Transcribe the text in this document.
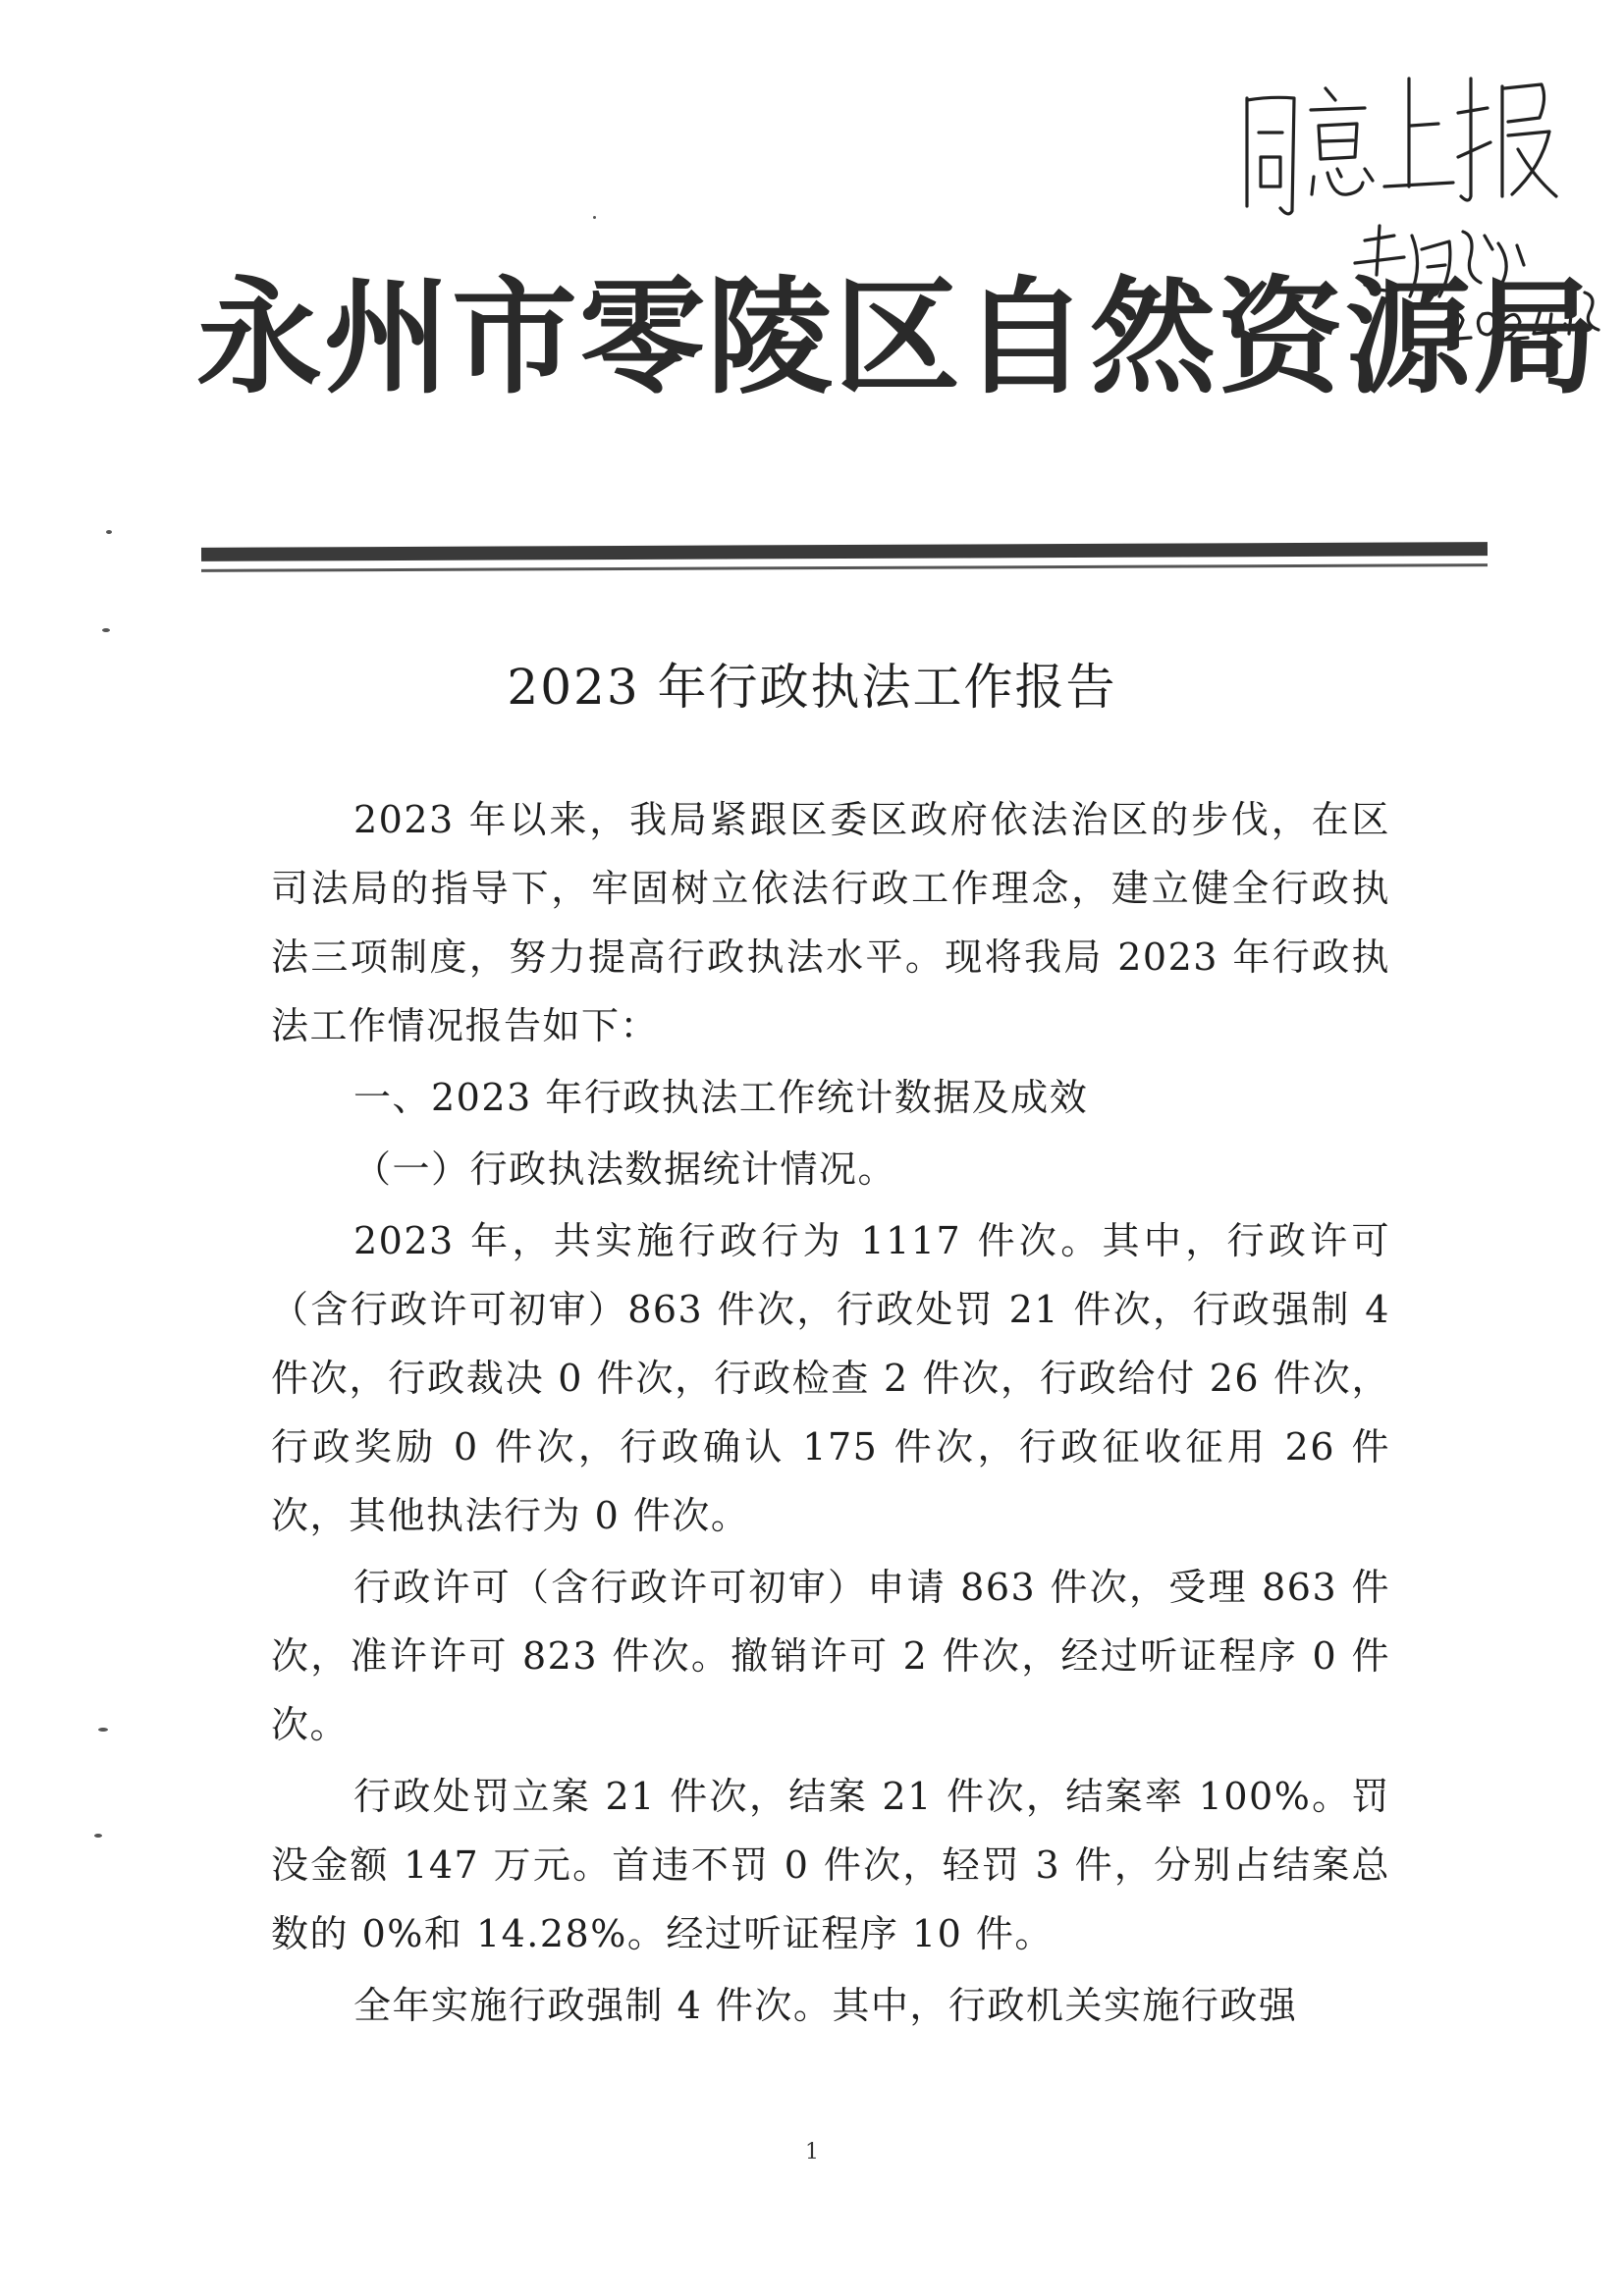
永州市零陵区自然资源局
2023 年行政执法工作报告

2023 年以来，我局紧跟区委区政府依法治区的步伐，在区司法局的指导下，牢固树立依法行政工作理念，建立健全行政执法三项制度，努力提高行政执法水平。现将我局 2023 年行政执法工作情况报告如下：

一、2023 年行政执法工作统计数据及成效

（一）行政执法数据统计情况。

2023 年，共实施行政行为 1117 件次。其中，行政许可（含行政许可初审）863 件次，行政处罚 21 件次，行政强制 4 件次，行政裁决 0 件次，行政检查 2 件次，行政给付 26 件次，行政奖励 0 件次，行政确认 175 件次，行政征收征用 26 件次，其他执法行为 0 件次。

行政许可（含行政许可初审）申请 863 件次，受理 863 件次，准许许可 823 件次。撤销许可 2 件次，经过听证程序 0 件次。

行政处罚立案 21 件次，结案 21 件次，结案率 100%。罚没金额 147 万元。首违不罚 0 件次，轻罚 3 件，分别占结案总数的 0%和 14.28%。经过听证程序 10 件。

全年实施行政强制 4 件次。其中，行政机关实施行政强

1
